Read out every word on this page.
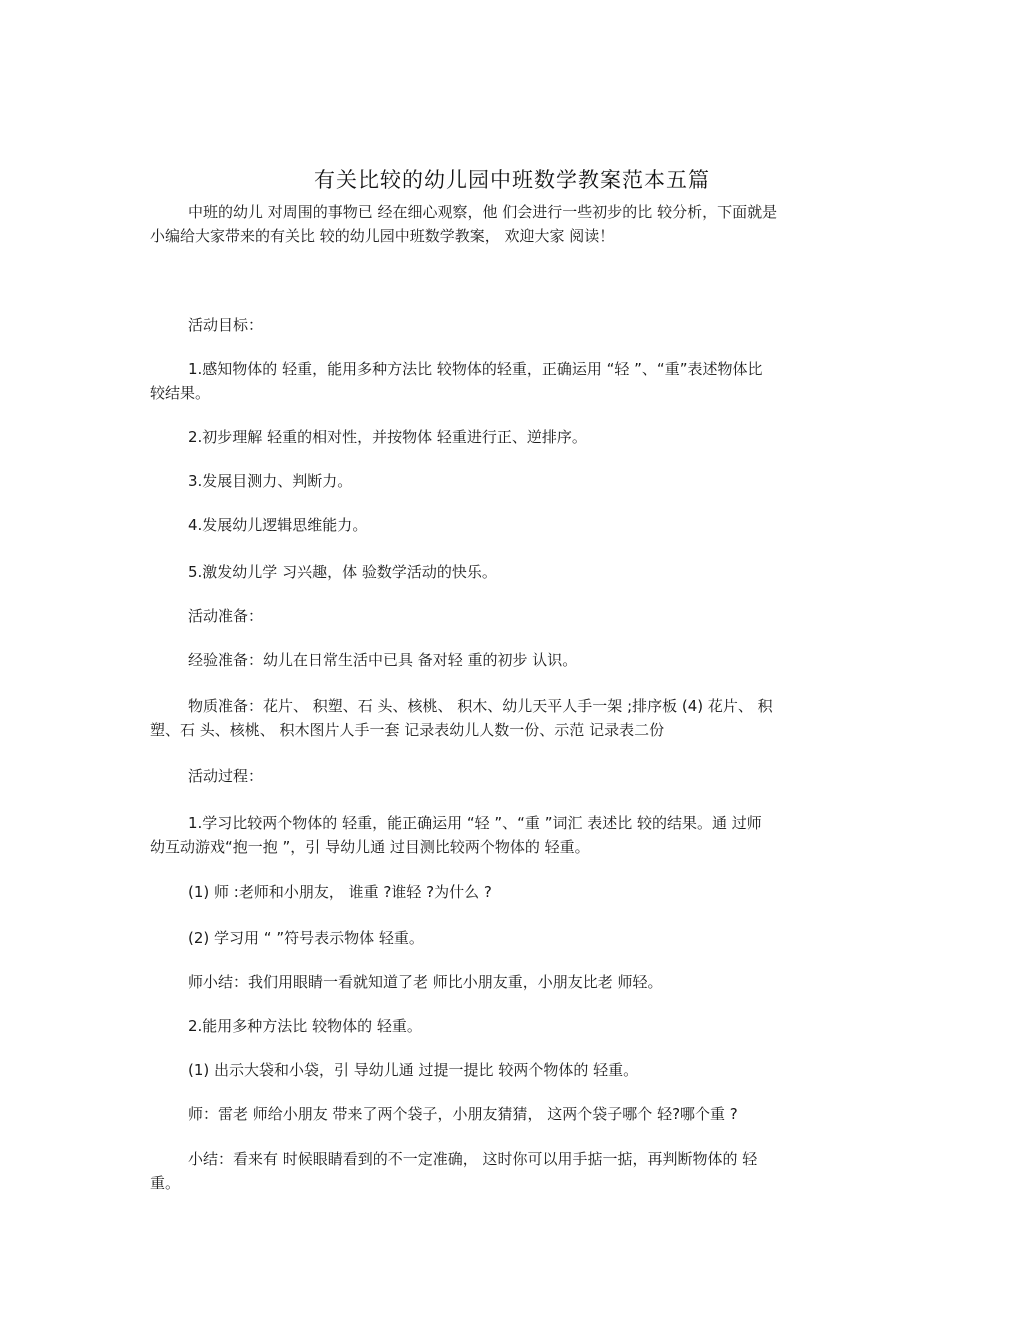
有关比较的幼儿园中班数学教案范本五篇
中班的幼儿 对周围的事物已 经在细心观察，他 们会进行一些初步的比 较分析，下面就是
小编给大家带来的有关比 较的幼儿园中班数学教案， 欢迎大家 阅读！
活动目标：
1.感知物体的 轻重，能用多种方法比 较物体的轻重，正确运用 “轻 ”、“重”表述物体比
较结果。
2.初步理解 轻重的相对性，并按物体 轻重进行正、逆排序。
3.发展目测力、判断力。
4.发展幼儿逻辑思维能力。
5.激发幼儿学 习兴趣，体 验数学活动的快乐。
活动准备：
经验准备：幼儿在日常生活中已具 备对轻 重的初步 认识。
物质准备：花片、 积塑、石 头、核桃、 积木、幼儿天平人手一架 ;排序板 (4) 花片、 积
塑、石 头、核桃、 积木图片人手一套 记录表幼儿人数一份、示范 记录表二份
活动过程：
1.学习比较两个物体的 轻重，能正确运用 “轻 ”、“重 ”词汇 表述比 较的结果。通 过师
幼互动游戏“抱一抱 ”，引 导幼儿通 过目测比较两个物体的 轻重。
(1) 师 :老师和小朋友， 谁重 ?谁轻 ?为什么 ?
(2) 学习用 “ ”符号表示物体 轻重。
师小结：我们用眼睛一看就知道了老 师比小朋友重，小朋友比老 师轻。
2.能用多种方法比 较物体的 轻重。
(1) 出示大袋和小袋，引 导幼儿通 过提一提比 较两个物体的 轻重。
师：雷老 师给小朋友 带来了两个袋子，小朋友猜猜， 这两个袋子哪个 轻?哪个重 ?
小结：看来有 时候眼睛看到的不一定准确， 这时你可以用手掂一掂，再判断物体的 轻
重。
